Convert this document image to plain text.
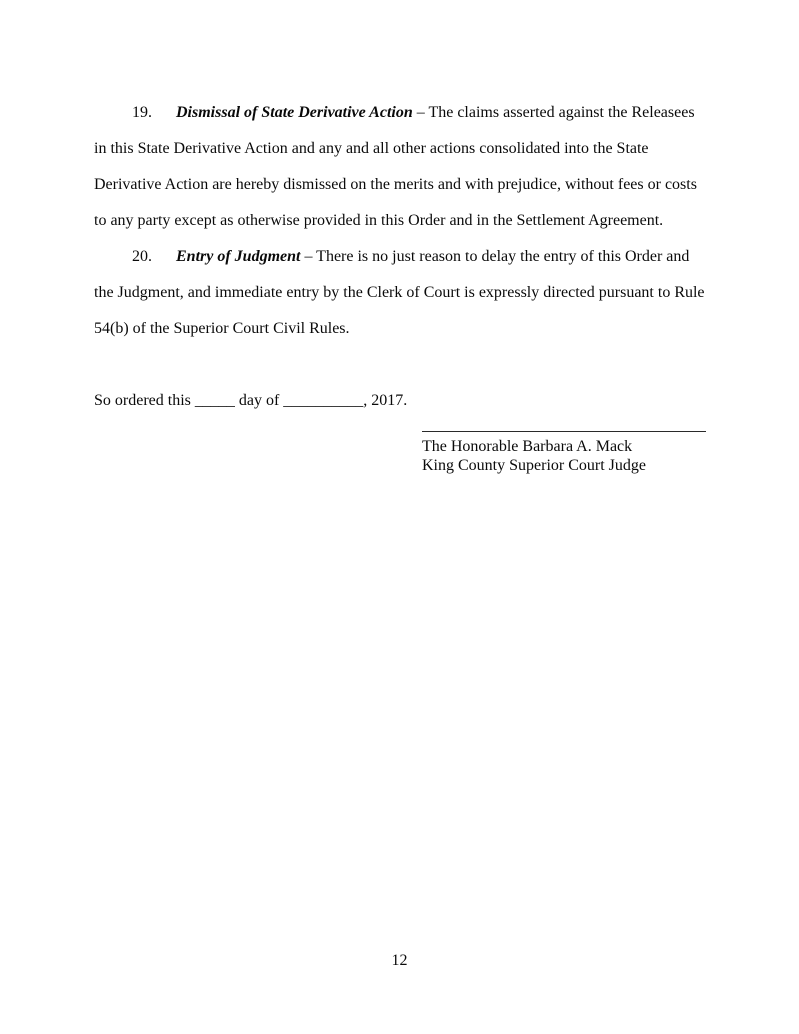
19. Dismissal of State Derivative Action – The claims asserted against the Releasees in this State Derivative Action and any and all other actions consolidated into the State Derivative Action are hereby dismissed on the merits and with prejudice, without fees or costs to any party except as otherwise provided in this Order and in the Settlement Agreement.

20. Entry of Judgment – There is no just reason to delay the entry of this Order and the Judgment, and immediate entry by the Clerk of Court is expressly directed pursuant to Rule 54(b) of the Superior Court Civil Rules.

So ordered this _____ day of __________, 2017.

The Honorable Barbara A. Mack
King County Superior Court Judge
12
